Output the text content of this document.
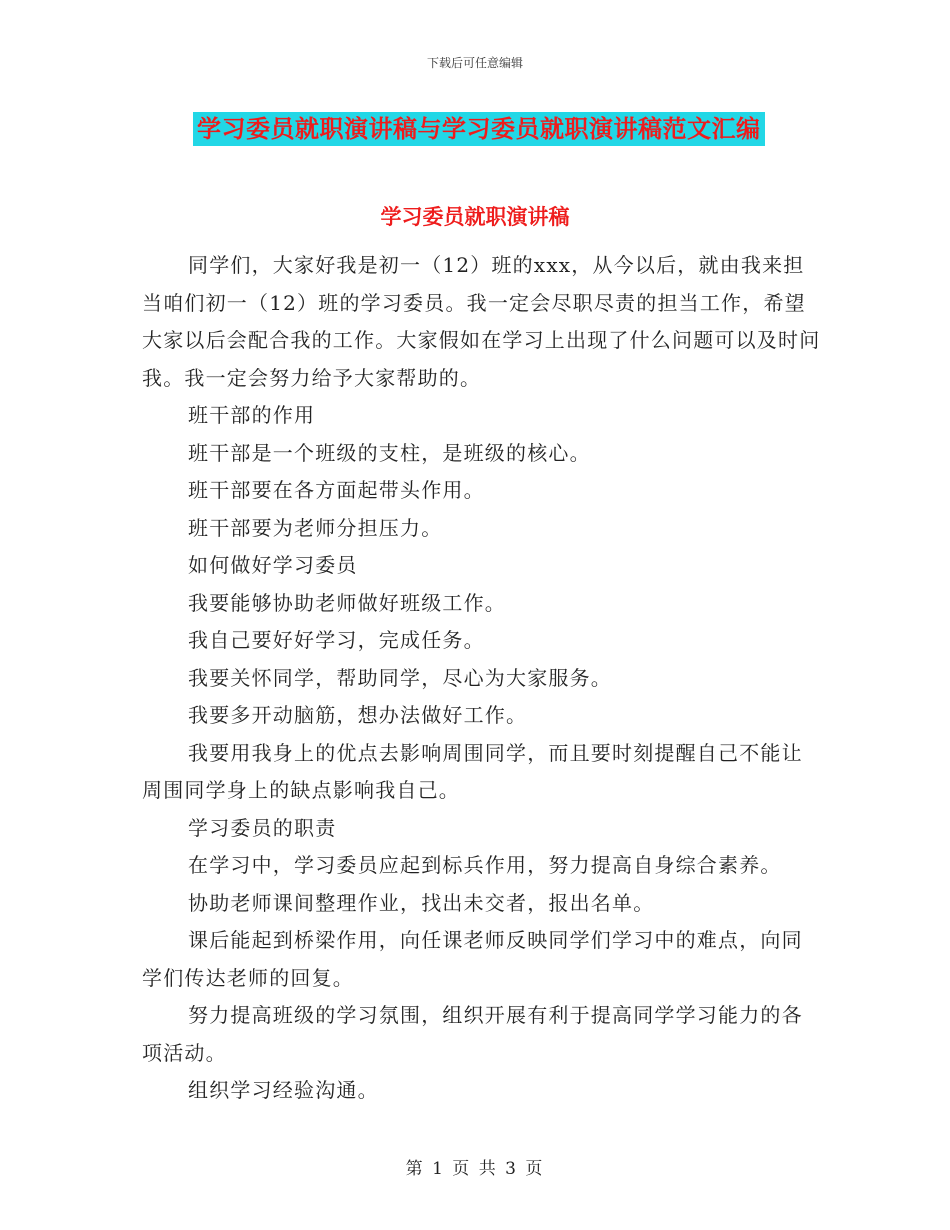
下载后可任意编辑
学习委员就职演讲稿与学习委员就职演讲稿范文汇编
学习委员就职演讲稿

同学们，大家好我是初一（12）班的xxx，从今以后，就由我来担当咱们初一（12）班的学习委员。我一定会尽职尽责的担当工作，希望大家以后会配合我的工作。大家假如在学习上出现了什么问题可以及时问我。我一定会努力给予大家帮助的。

班干部的作用

班干部是一个班级的支柱，是班级的核心。

班干部要在各方面起带头作用。

班干部要为老师分担压力。

如何做好学习委员

我要能够协助老师做好班级工作。

我自己要好好学习，完成任务。

我要关怀同学，帮助同学，尽心为大家服务。

我要多开动脑筋，想办法做好工作。

我要用我身上的优点去影响周围同学，而且要时刻提醒自己不能让周围同学身上的缺点影响我自己。

学习委员的职责

在学习中，学习委员应起到标兵作用，努力提高自身综合素养。

协助老师课间整理作业，找出未交者，报出名单。

课后能起到桥梁作用，向任课老师反映同学们学习中的难点，向同学们传达老师的回复。

努力提高班级的学习氛围，组织开展有利于提高同学学习能力的各项活动。

组织学习经验沟通。

第 1 页 共 3 页
